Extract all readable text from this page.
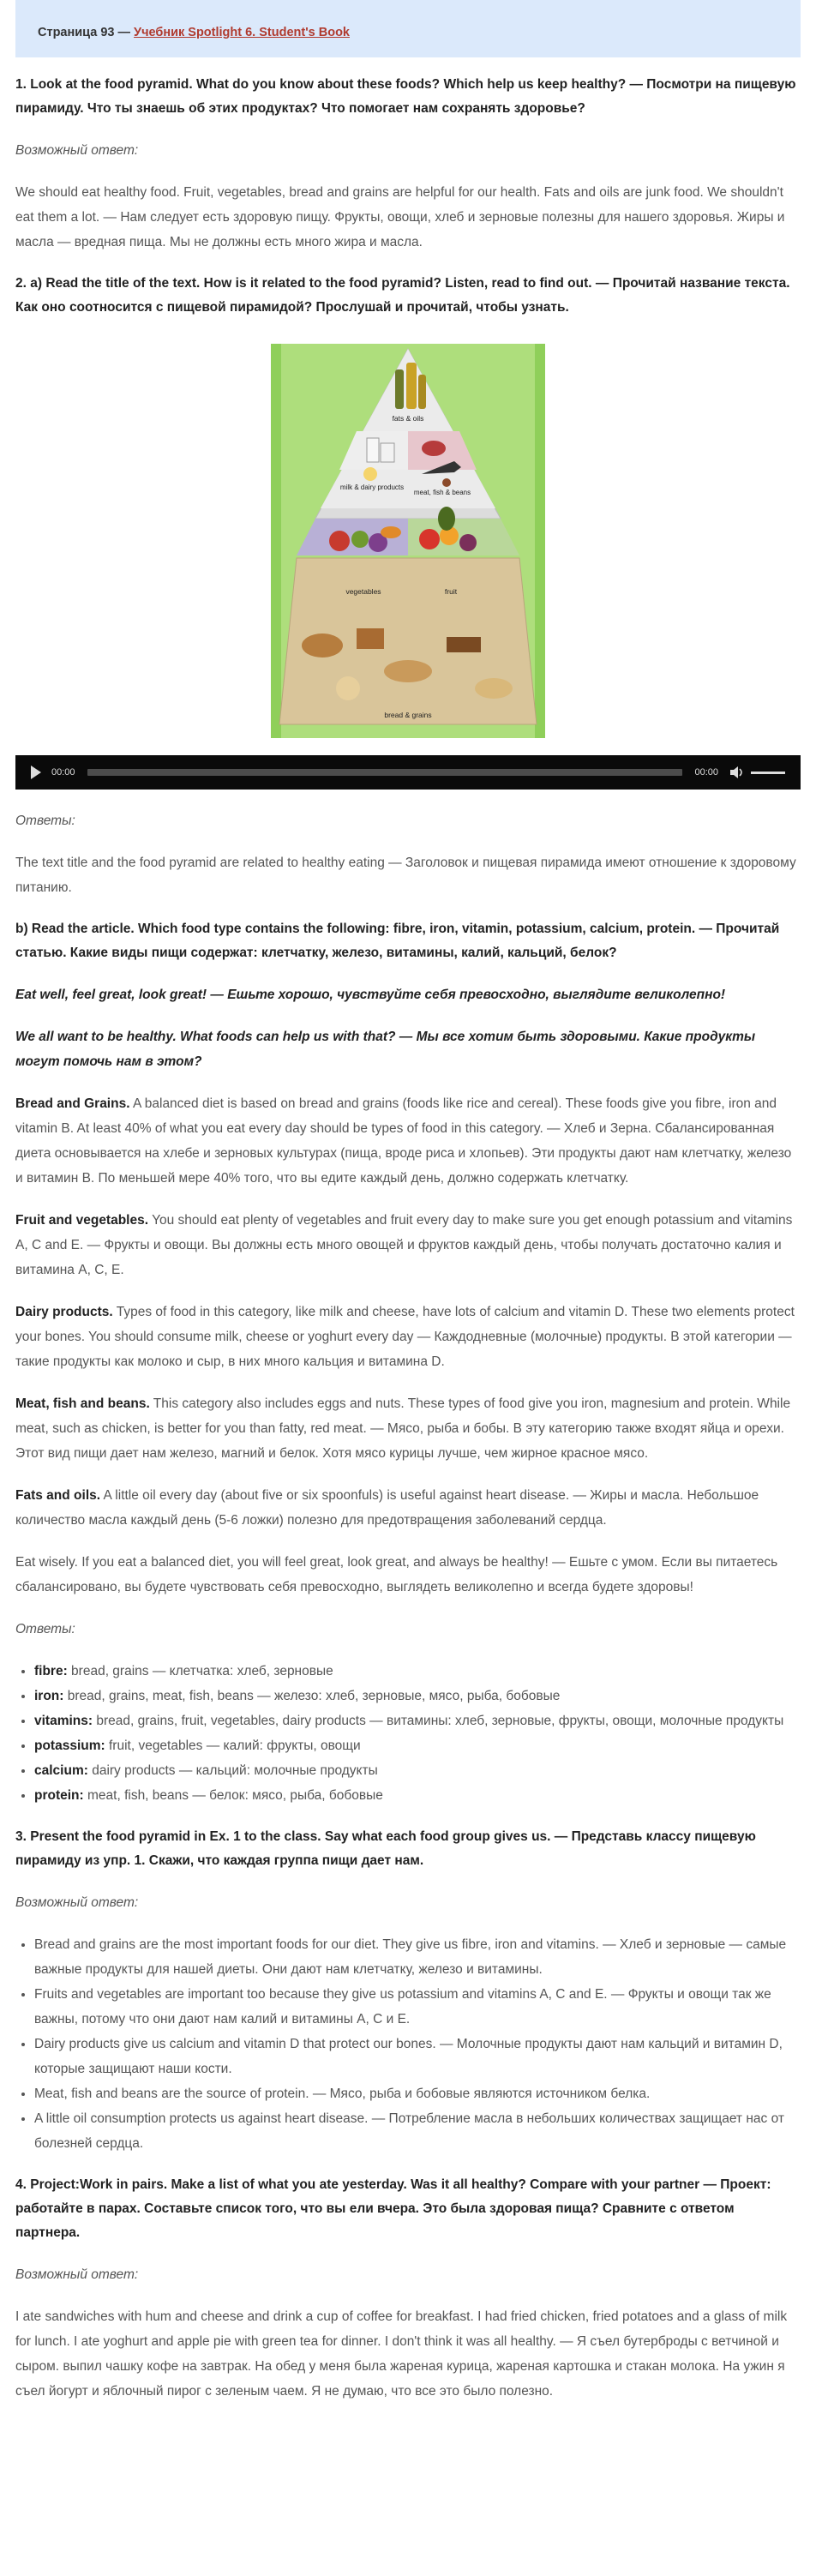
Страница 93 — Учебник Spotlight 6. Student's Book

1. Look at the food pyramid. What do you know about these foods? Which help us keep healthy? — Посмотри на пищевую пирамиду. Что ты знаешь об этих продуктах? Что помогает нам сохранять здоровье?

Возможный ответ:

We should eat healthy food. Fruit, vegetables, bread and grains are helpful for our health. Fats and oils are junk food. We shouldn't eat them a lot. — Нам следует есть здоровую пищу. Фрукты, овощи, хлеб и зерновые полезны для нашего здоровья. Жиры и масла — вредная пища. Мы не должны есть много жира и масла.

2. a) Read the title of the text. How is it related to the food pyramid? Listen, read to find out. — Прочитай название текста. Как оно соотносится с пищевой пирамидой? Прослушай и прочитай, чтобы узнать.

fats & oils
milk & dairy products
meat, fish & beans
vegetables	fruit
bread & grains
00:00	00:00

Ответы:

The text title and the food pyramid are related to healthy eating — Заголовок и пищевая пирамида имеют отношение к здоровому питанию.

b) Read the article. Which food type contains the following: fibre, iron, vitamin, potassium, calcium, protein. — Прочитай статью. Какие виды пищи содержат: клетчатку, железо, витамины, калий, кальций, белок?

Eat well, feel great, look great! — Ешьте хорошо, чувствуйте себя превосходно, выглядите великолепно!

We all want to be healthy. What foods can help us with that? — Мы все хотим быть здоровыми. Какие продукты могут помочь нам в этом?

Bread and Grains. A balanced diet is based on bread and grains (foods like rice and cereal). These foods give you fibre, iron and vitamin B. At least 40% of what you eat every day should be types of food in this category. — Хлеб и Зерна. Сбалансированная диета основывается на хлебе и зерновых культурах (пища, вроде риса и хлопьев). Эти продукты дают нам клетчатку, железо и витамин B. По меньшей мере 40% того, что вы едите каждый день, должно содержать клетчатку.

Fruit and vegetables. You should eat plenty of vegetables and fruit every day to make sure you get enough potassium and vitamins A, C and E. — Фрукты и овощи. Вы должны есть много овощей и фруктов каждый день, чтобы получать достаточно калия и витамина A, C, E.

Dairy products. Types of food in this category, like milk and cheese, have lots of calcium and vitamin D. These two elements protect your bones. You should consume milk, cheese or yoghurt every day — Каждодневные (молочные) продукты. В этой категории — такие продукты как молоко и сыр, в них много кальция и витамина D.

Meat, fish and beans. This category also includes eggs and nuts. These types of food give you iron, magnesium and protein. While meat, such as chicken, is better for you than fatty, red meat. — Мясо, рыба и бобы. В эту категорию также входят яйца и орехи. Этот вид пищи дает нам железо, магний и белок. Хотя мясо курицы лучше, чем жирное красное мясо.

Fats and oils. A little oil every day (about five or six spoonfuls) is useful against heart disease. — Жиры и масла. Небольшое количество масла каждый день (5-6 ложки) полезно для предотвращения заболеваний сердца.

Eat wisely. If you eat a balanced diet, you will feel great, look great, and always be healthy! — Ешьте с умом. Если вы питаетесь сбалансировано, вы будете чувствовать себя превосходно, выглядеть великолепно и всегда будете здоровы!

Ответы:

• fibre: bread, grains — клетчатка: хлеб, зерновые
• iron: bread, grains, meat, fish, beans — железо: хлеб, зерновые, мясо, рыба, бобовые
• vitamins: bread, grains, fruit, vegetables, dairy products — витамины: хлеб, зерновые, фрукты, овощи, молочные продукты
• potassium: fruit, vegetables — калий: фрукты, овощи
• calcium: dairy products — кальций: молочные продукты
• protein: meat, fish, beans — белок: мясо, рыба, бобовые

3. Present the food pyramid in Ex. 1 to the class. Say what each food group gives us. — Представь классу пищевую пирамиду из упр. 1. Скажи, что каждая группа пищи дает нам.

Возможный ответ:

• Bread and grains are the most important foods for our diet. They give us fibre, iron and vitamins. — Хлеб и зерновые — самые важные продукты для нашей диеты. Они дают нам клетчатку, железо и витамины.
• Fruits and vegetables are important too because they give us potassium and vitamins A, C and E. — Фрукты и овощи так же важны, потому что они дают нам калий и витамины A, C и E.
• Dairy products give us calcium and vitamin D that protect our bones. — Молочные продукты дают нам кальций и витамин D, которые защищают наши кости.
• Meat, fish and beans are the source of protein. — Мясо, рыба и бобовые являются источником белка.
• A little oil consumption protects us against heart disease. — Потребление масла в небольших количествах защищает нас от болезней сердца.

4. Project:Work in pairs. Make a list of what you ate yesterday. Was it all healthy? Compare with your partner — Проект: работайте в парах. Составьте список того, что вы ели вчера. Это была здоровая пища? Сравните с ответом партнера.

Возможный ответ:

I ate sandwiches with hum and cheese and drink a cup of coffee for breakfast. I had fried chicken, fried potatoes and a glass of milk for lunch. I ate yoghurt and apple pie with green tea for dinner. I don't think it was all healthy. — Я съел бутерброды с ветчиной и сыром. выпил чашку кофе на завтрак. На обед у меня была жареная курица, жареная картошка и стакан молока. На ужин я съел йогурт и яблочный пирог с зеленым чаем. Я не думаю, что все это было полезно.
